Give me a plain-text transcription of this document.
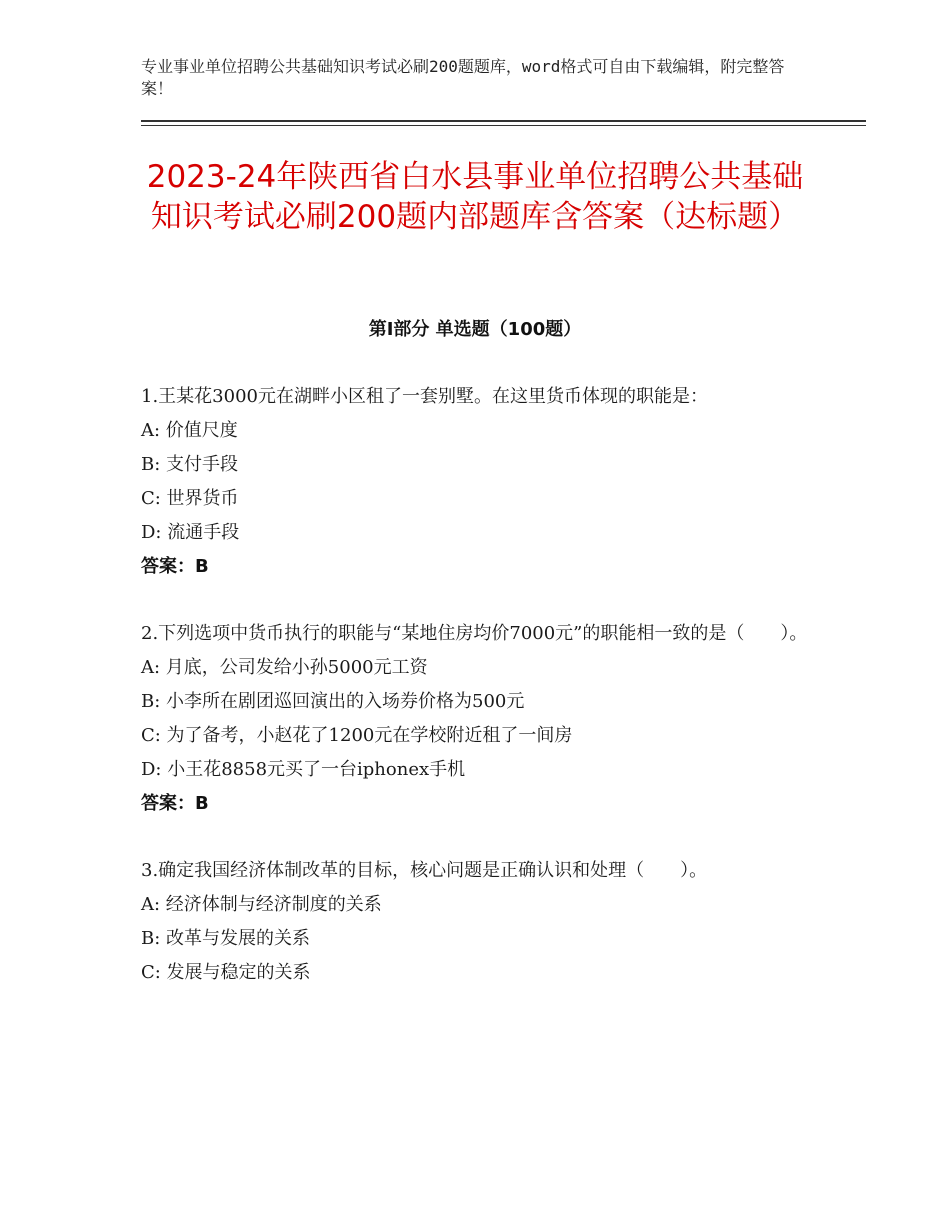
专业事业单位招聘公共基础知识考试必刷200题题库，word格式可自由下载编辑，附完整答案！
2023-24年陕西省白水县事业单位招聘公共基础知识考试必刷200题内部题库含答案（达标题）
第Ⅰ部分 单选题（100题）
1.王某花3000元在湖畔小区租了一套别墅。在这里货币体现的职能是：
A: 价值尺度
B: 支付手段
C: 世界货币
D: 流通手段
答案：B
2.下列选项中货币执行的职能与“某地住房均价7000元”的职能相一致的是（　　）。
A: 月底，公司发给小孙5000元工资
B: 小李所在剧团巡回演出的入场券价格为500元
C: 为了备考，小赵花了1200元在学校附近租了一间房
D: 小王花8858元买了一台iphonex手机
答案：B
3.确定我国经济体制改革的目标，核心问题是正确认识和处理（　　）。
A: 经济体制与经济制度的关系
B: 改革与发展的关系
C: 发展与稳定的关系
